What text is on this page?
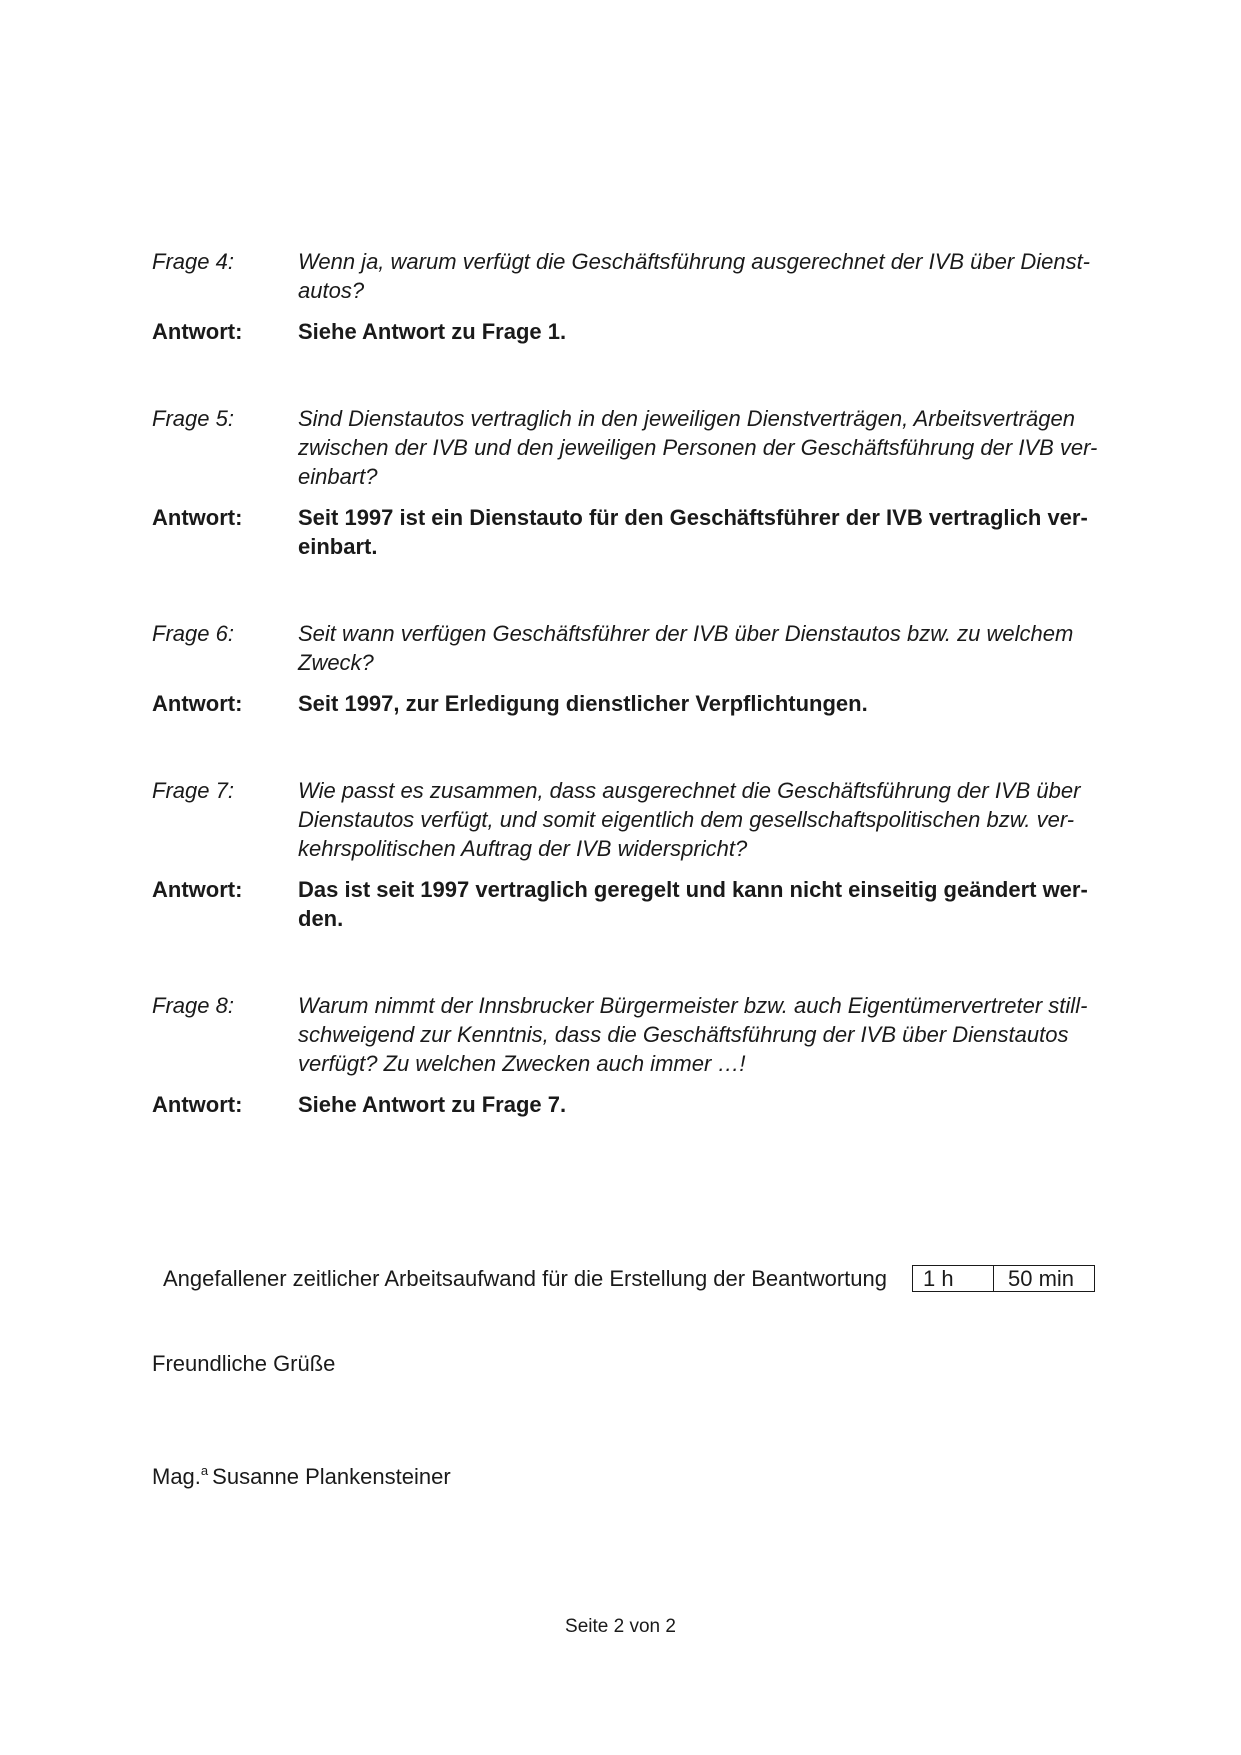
Frage 4:	Wenn ja, warum verfügt die Geschäftsführung ausgerechnet der IVB über Dienst-
autos?
Antwort:	Siehe Antwort zu Frage 1.
Frage 5:	Sind Dienstautos vertraglich in den jeweiligen Dienstverträgen, Arbeitsverträgen
zwischen der IVB und den jeweiligen Personen der Geschäftsführung der IVB ver-
einbart?
Antwort:	Seit 1997 ist ein Dienstauto für den Geschäftsführer der IVB vertraglich ver-
einbart.
Frage 6:	Seit wann verfügen Geschäftsführer der IVB über Dienstautos bzw. zu welchem
Zweck?
Antwort:	Seit 1997, zur Erledigung dienstlicher Verpflichtungen.
Frage 7:	Wie passt es zusammen, dass ausgerechnet die Geschäftsführung der IVB über
Dienstautos verfügt, und somit eigentlich dem gesellschaftspolitischen bzw. ver-
kehrspolitischen Auftrag der IVB widerspricht?
Antwort:	Das ist seit 1997 vertraglich geregelt und kann nicht einseitig geändert wer-
den.
Frage 8:	Warum nimmt der Innsbrucker Bürgermeister bzw. auch Eigentümervertreter still-
schweigend zur Kenntnis, dass die Geschäftsführung der IVB über Dienstautos
verfügt? Zu welchen Zwecken auch immer …!
Antwort:	Siehe Antwort zu Frage 7.
Angefallener zeitlicher Arbeitsaufwand für die Erstellung der Beantwortung	1 h	50 min
Freundliche Grüße
Mag.$^a$ Susanne Plankensteiner
Seite 2 von 2
